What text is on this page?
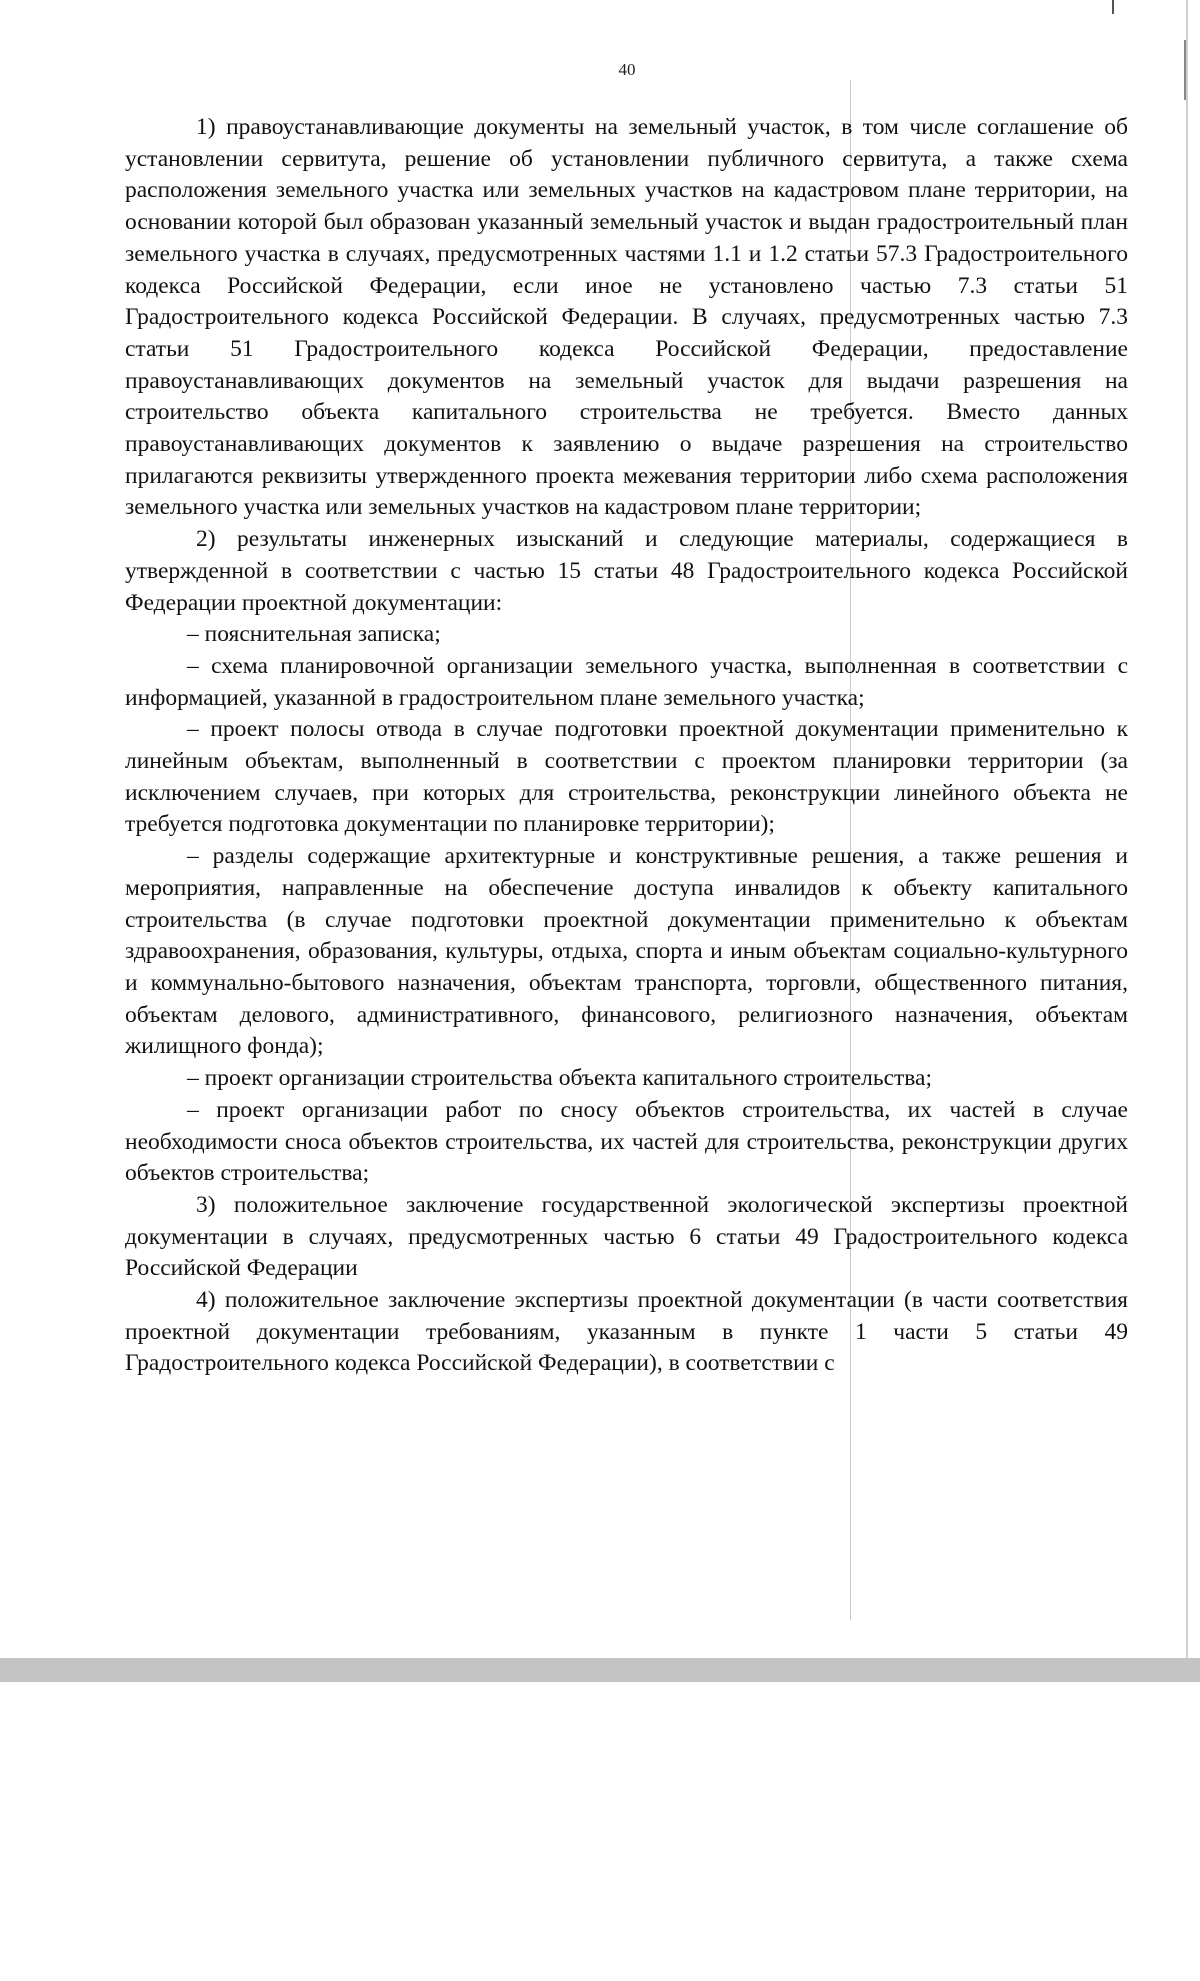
40

1) правоустанавливающие документы на земельный участок, в том числе соглашение об установлении сервитута, решение об установлении публичного сервитута, а также схема расположения земельного участка или земельных участков на кадастровом плане территории, на основании которой был образован указанный земельный участок и выдан градостроительный план земельного участка в случаях, предусмотренных частями 1.1 и 1.2 статьи 57.3 Градостроительного кодекса Российской Федерации, если иное не установлено частью 7.3 статьи 51 Градостроительного кодекса Российской Федерации. В случаях, предусмотренных частью 7.3 статьи 51 Градостроительного кодекса Российской Федерации, предоставление правоустанавливающих документов на земельный участок для выдачи разрешения на строительство объекта капитального строительства не требуется. Вместо данных правоустанавливающих документов к заявлению о выдаче разрешения на строительство прилагаются реквизиты утвержденного проекта межевания территории либо схема расположения земельного участка или земельных участков на кадастровом плане территории;

2) результаты инженерных изысканий и следующие материалы, содержащиеся в утвержденной в соответствии с частью 15 статьи 48 Градостроительного кодекса Российской Федерации проектной документации:

– пояснительная записка;

– схема планировочной организации земельного участка, выполненная в соответствии с информацией, указанной в градостроительном плане земельного участка;

– проект полосы отвода в случае подготовки проектной документации применительно к линейным объектам, выполненный в соответствии с проектом планировки территории (за исключением случаев, при которых для строительства, реконструкции линейного объекта не требуется подготовка документации по планировке территории);

– разделы содержащие архитектурные и конструктивные решения, а также решения и мероприятия, направленные на обеспечение доступа инвалидов к объекту капитального строительства (в случае подготовки проектной документации применительно к объектам здравоохранения, образования, культуры, отдыха, спорта и иным объектам социально-культурного и коммунально-бытового назначения, объектам транспорта, торговли, общественного питания, объектам делового, административного, финансового, религиозного назначения, объектам жилищного фонда);

– проект организации строительства объекта капитального строительства;

– проект организации работ по сносу объектов строительства, их частей в случае необходимости сноса объектов строительства, их частей для строительства, реконструкции других объектов строительства;

3) положительное заключение государственной экологической экспертизы проектной документации в случаях, предусмотренных частью 6 статьи 49 Градостроительного кодекса Российской Федерации

4) положительное заключение экспертизы проектной документации (в части соответствия проектной документации требованиям, указанным в пункте 1 части 5 статьи 49 Градостроительного кодекса Российской Федерации), в соответствии с
